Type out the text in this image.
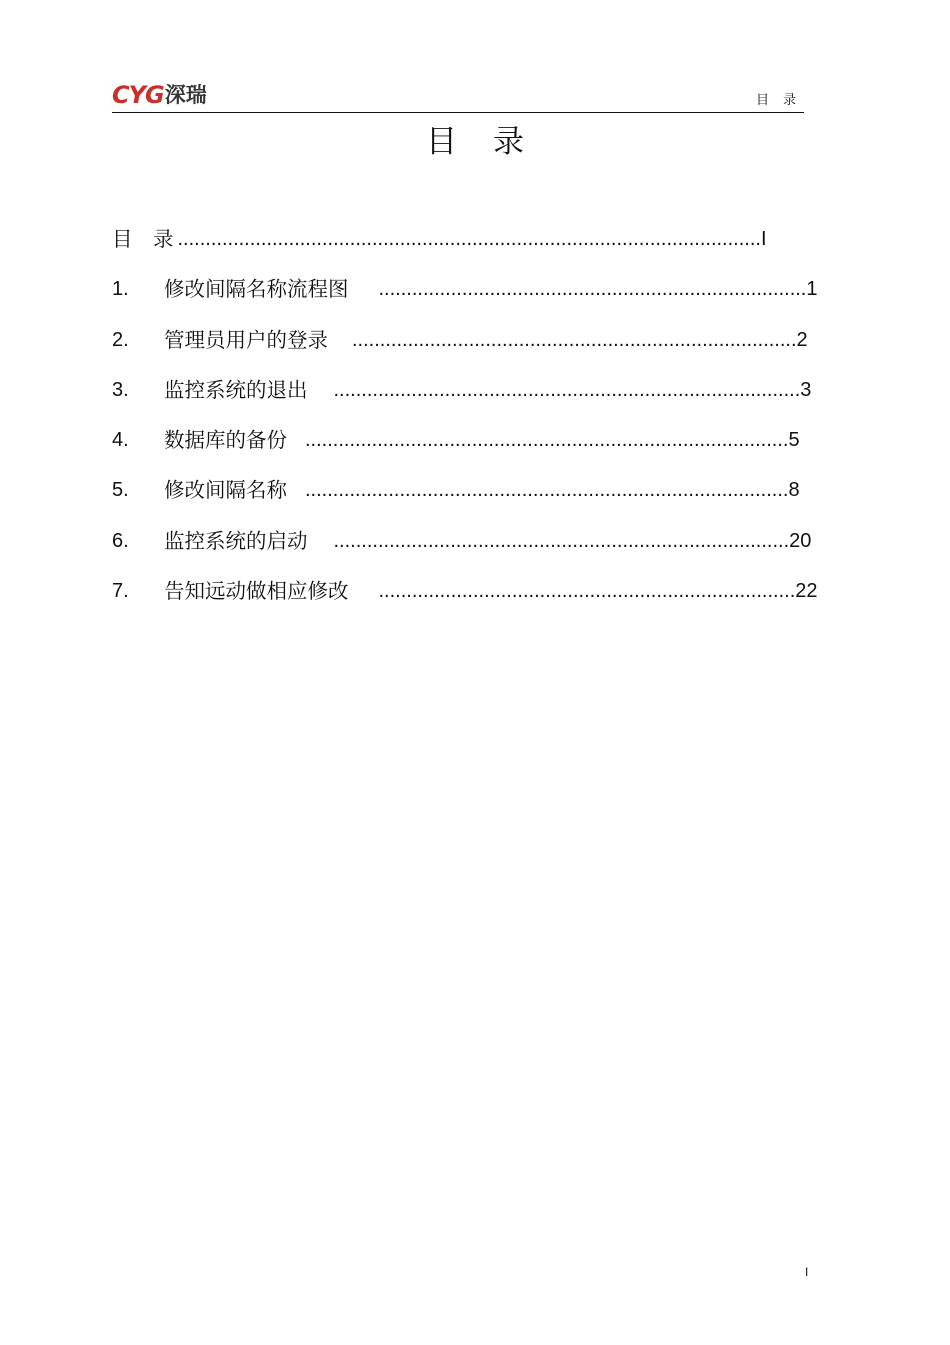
CYG 深瑞	目录
目录
目　录 ......................................................................................................... I
1.	修改间隔名称流程图 ............................................................................. 1
2.	管理员用户的登录 ................................................................................ 2
3.	监控系统的退出 .................................................................................... 3
4.	数据库的备份 ....................................................................................... 5
5.	修改间隔名称 ....................................................................................... 8
6.	监控系统的启动 .................................................................................. 20
7.	告知远动做相应修改 ........................................................................... 22
I
